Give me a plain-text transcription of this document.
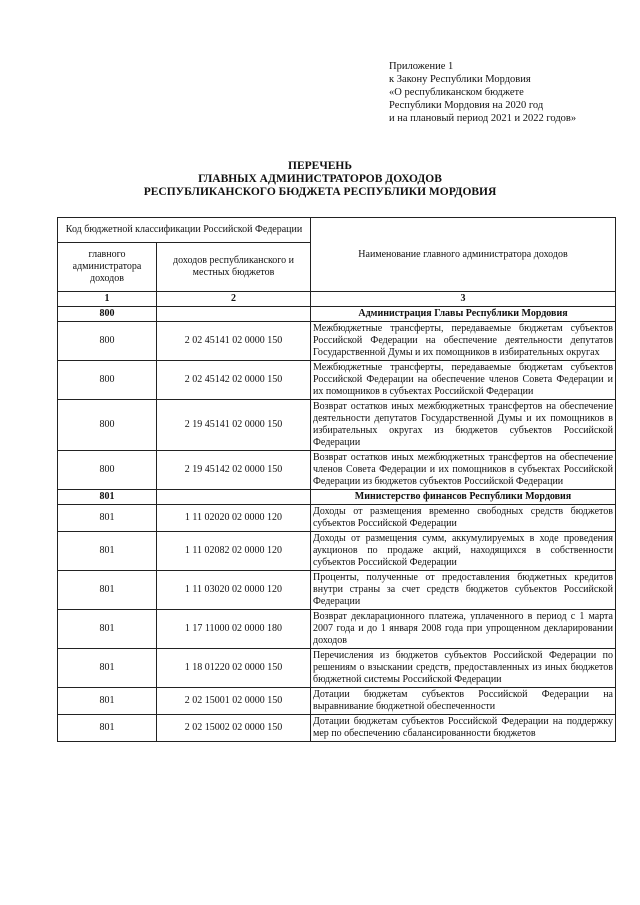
Приложение 1
к Закону Республики Мордовия
«О республиканском бюджете
Республики Мордовия на 2020 год
и на плановый период 2021 и 2022 годов»
ПЕРЕЧЕНЬ
ГЛАВНЫХ АДМИНИСТРАТОРОВ ДОХОДОВ
РЕСПУБЛИКАНСКОГО БЮДЖЕТА РЕСПУБЛИКИ МОРДОВИЯ
Код бюджетной классификации Российской Федерации		Наименование главного администратора доходов
главного администратора доходов	доходов республиканского и местных бюджетов	
1	2	3
800		Администрация Главы Республики Мордовия
800	2 02 45141 02 0000 150	Межбюджетные трансферты, передаваемые бюджетам субъектов Российской Федерации на обеспечение деятельности депутатов Государственной Думы и их помощников в избирательных округах
800	2 02 45142 02 0000 150	Межбюджетные трансферты, передаваемые бюджетам субъектов Российской Федерации на обеспечение членов Совета Федерации и их помощников в субъектах Российской Федерации
800	2 19 45141 02 0000 150	Возврат остатков иных межбюджетных трансфертов на обеспечение деятельности депутатов Государственной Думы и их помощников в избирательных округах из бюджетов субъектов Российской Федерации
800	2 19 45142 02 0000 150	Возврат остатков иных межбюджетных трансфертов на обеспечение членов Совета Федерации и их помощников в субъектах Российской Федерации из бюджетов субъектов Российской Федерации
801		Министерство финансов Республики Мордовия
801	1 11 02020 02 0000 120	Доходы от размещения временно свободных средств бюджетов субъектов Российской Федерации
801	1 11 02082 02 0000 120	Доходы от размещения сумм, аккумулируемых в ходе проведения аукционов по продаже акций, находящихся в собственности субъектов Российской Федерации
801	1 11 03020 02 0000 120	Проценты, полученные от предоставления бюджетных кредитов внутри страны за счет средств бюджетов субъектов Российской Федерации
801	1 17 11000 02 0000 180	Возврат декларационного платежа, уплаченного в период с 1 марта 2007 года и до 1 января 2008 года при упрощенном декларировании доходов
801	1 18 01220 02 0000 150	Перечисления из бюджетов субъектов Российской Федерации по решениям о взыскании средств, предоставленных из иных бюджетов бюджетной системы Российской Федерации
801	2 02 15001 02 0000 150	Дотации бюджетам субъектов Российской Федерации на выравнивание бюджетной обеспеченности
801	2 02 15002 02 0000 150	Дотации бюджетам субъектов Российской Федерации на поддержку мер по обеспечению сбалансированности бюджетов
